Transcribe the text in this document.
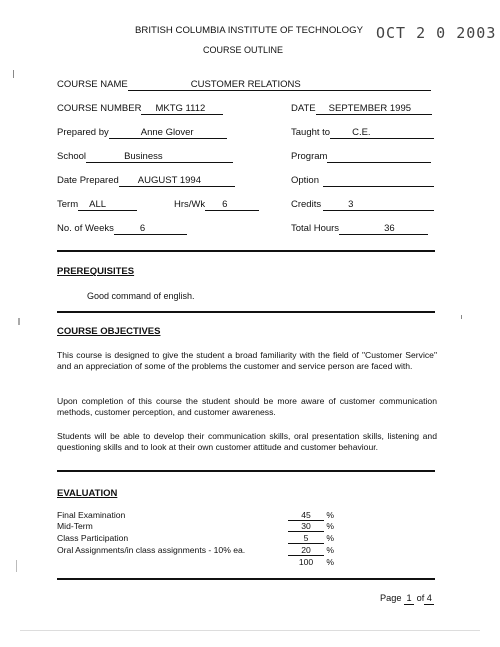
BRITISH COLUMBIA INSTITUTE OF TECHNOLOGY OCT 2 0 2003
COURSE OUTLINE
COURSE NAME	CUSTOMER RELATIONS
COURSE NUMBER MKTG 1112	DATE SEPTEMBER 1995
Prepared by	Anne Glover	Taught to C.E.
School	Business	Program
Date Prepared AUGUST 1994	Option
Term ALL	Hrs/Wk 6	Credits	3
No. of Weeks	6	Total Hours	36
PREREQUISITES
Good command of english.
COURSE OBJECTIVES
This course is designed to give the student a broad familiarity with the field of "Customer Service" and an appreciation of some of the problems the customer and service person are faced with.
Upon completion of this course the student should be more aware of customer communication methods, customer perception, and customer awareness.
Students will be able to develop their communication skills, oral presentation skills, listening and questioning skills and to look at their own customer attitude and customer behaviour.
EVALUATION
Final Examination	45 %
Mid-Term	30 %
Class Participation	5 %
Oral Assignments/in class assignments - 10% ea.	20 %
100 %
Page 1 of 4
